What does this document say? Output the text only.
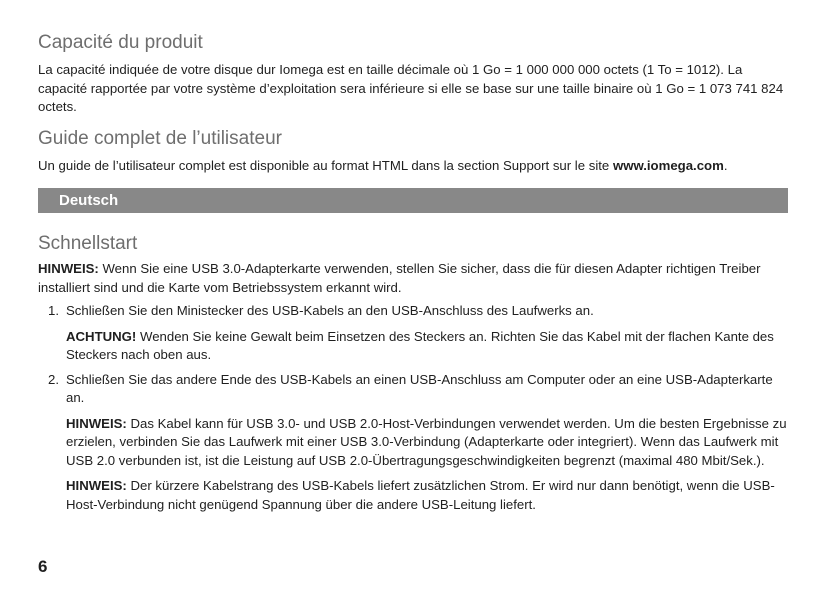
Capacité du produit

La capacité indiquée de votre disque dur Iomega est en taille décimale où 1 Go = 1 000 000 000 octets (1 To = 1012). La capacité rapportée par votre système d’exploitation sera inférieure si elle se base sur une taille binaire où 1 Go = 1 073 741 824 octets.

Guide complet de l’utilisateur

Un guide de l’utilisateur complet est disponible au format HTML dans la section Support sur le site www.iomega.com.

Deutsch
Schnellstart

HINWEIS: Wenn Sie eine USB 3.0-Adapterkarte verwenden, stellen Sie sicher, dass die für diesen Adapter richtigen Treiber installiert sind und die Karte vom Betriebssystem erkannt wird.

1. Schließen Sie den Ministecker des USB-Kabels an den USB-Anschluss des Laufwerks an.

ACHTUNG! Wenden Sie keine Gewalt beim Einsetzen des Steckers an. Richten Sie das Kabel mit der flachen Kante des Steckers nach oben aus.

2. Schließen Sie das andere Ende des USB-Kabels an einen USB-Anschluss am Computer oder an eine USB-Adapterkarte an.

HINWEIS: Das Kabel kann für USB 3.0- und USB 2.0-Host-Verbindungen verwendet werden. Um die besten Ergebnisse zu erzielen, verbinden Sie das Laufwerk mit einer USB 3.0-Verbindung (Adapterkarte oder integriert). Wenn das Laufwerk mit USB 2.0 verbunden ist, ist die Leistung auf USB 2.0-Übertragungsgeschwindigkeiten begrenzt (maximal 480 Mbit/Sek.).

HINWEIS: Der kürzere Kabelstrang des USB-Kabels liefert zusätzlichen Strom. Er wird nur dann benötigt, wenn die USB-Host-Verbindung nicht genügend Spannung über die andere USB-Leitung liefert.

6
